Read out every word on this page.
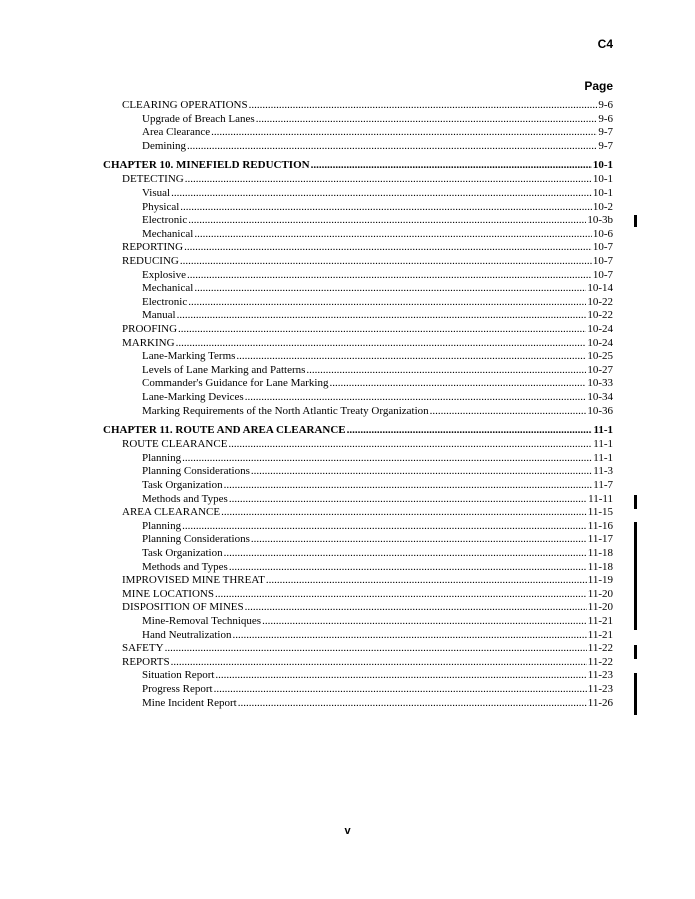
C4
Page
CLEARING OPERATIONS .....	9-6
Upgrade of Breach Lanes .....	9-6
Area Clearance .....	9-7
Demining .....	9-7
CHAPTER 10. MINEFIELD REDUCTION .....	10-1
DETECTING .....	10-1
Visual .....	10-1
Physical .....	10-2
Electronic .....	10-3b
Mechanical .....	10-6
REPORTING .....	10-7
REDUCING .....	10-7
Explosive .....	10-7
Mechanical .....	10-14
Electronic .....	10-22
Manual .....	10-22
PROOFING .....	10-24
MARKING .....	10-24
Lane-Marking Terms .....	10-25
Levels of Lane Marking and Patterns .....	10-27
Commander's Guidance for Lane Marking .....	10-33
Lane-Marking Devices .....	10-34
Marking Requirements of the North Atlantic Treaty Organization .....	10-36
CHAPTER 11. ROUTE AND AREA CLEARANCE .....	11-1
ROUTE CLEARANCE .....	11-1
Planning .....	11-1
Planning Considerations .....	11-3
Task Organization .....	11-7
Methods and Types .....	11-11
AREA CLEARANCE .....	11-15
Planning .....	11-16
Planning Considerations .....	11-17
Task Organization .....	11-18
Methods and Types .....	11-18
IMPROVISED MINE THREAT .....	11-19
MINE LOCATIONS .....	11-20
DISPOSITION OF MINES .....	11-20
Mine-Removal Techniques .....	11-21
Hand Neutralization .....	11-21
SAFETY .....	11-22
REPORTS .....	11-22
Situation Report .....	11-23
Progress Report .....	11-23
Mine Incident Report .....	11-26
v
